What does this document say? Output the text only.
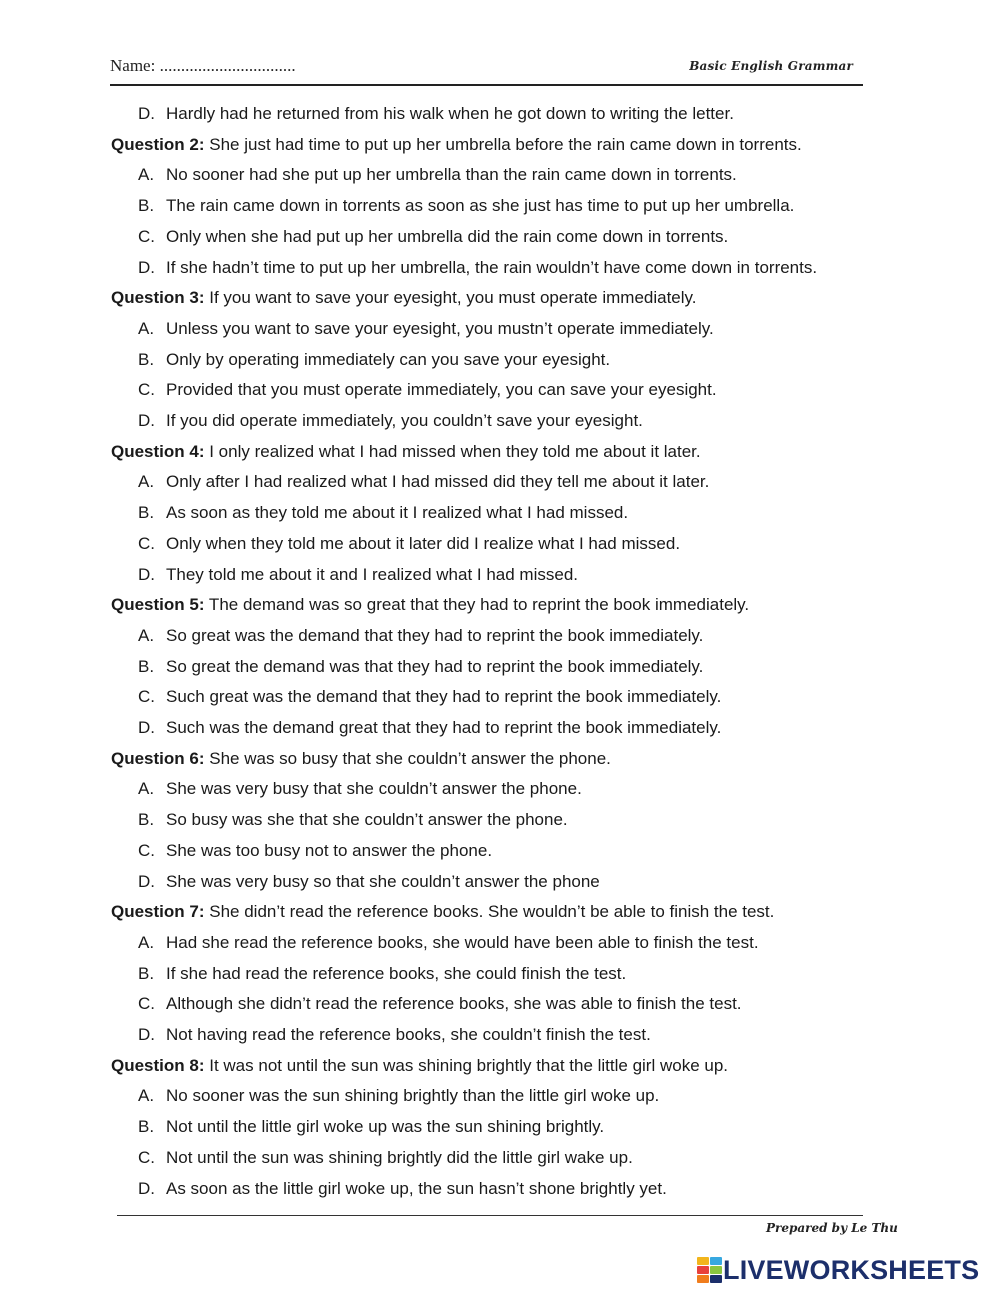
Name: ................................	Basic English Grammar
D. Hardly had he returned from his walk when he got down to writing the letter.
Question 2: She just had time to put up her umbrella before the rain came down in torrents.
A. No sooner had she put up her umbrella than the rain came down in torrents.
B. The rain came down in torrents as soon as she just has time to put up her umbrella.
C. Only when she had put up her umbrella did the rain come down in torrents.
D. If she hadn’t time to put up her umbrella, the rain wouldn’t have come down in torrents.
Question 3: If you want to save your eyesight, you must operate immediately.
A. Unless you want to save your eyesight, you mustn’t operate immediately.
B. Only by operating immediately can you save your eyesight.
C. Provided that you must operate immediately, you can save your eyesight.
D. If you did operate immediately, you couldn’t save your eyesight.
Question 4: I only realized what I had missed when they told me about it later.
A. Only after I had realized what I had missed did they tell me about it later.
B. As soon as they told me about it I realized what I had missed.
C. Only when they told me about it later did I realize what I had missed.
D. They told me about it and I realized what I had missed.
Question 5: The demand was so great that they had to reprint the book immediately.
A. So great was the demand that they had to reprint the book immediately.
B. So great the demand was that they had to reprint the book immediately.
C. Such great was the demand that they had to reprint the book immediately.
D. Such was the demand great that they had to reprint the book immediately.
Question 6: She was so busy that she couldn’t answer the phone.
A. She was very busy that she couldn’t answer the phone.
B. So busy was she that she couldn’t answer the phone.
C. She was too busy not to answer the phone.
D. She was very busy so that she couldn’t answer the phone
Question 7: She didn’t read the reference books. She wouldn’t be able to finish the test.
A. Had she read the reference books, she would have been able to finish the test.
B. If she had read the reference books, she could finish the test.
C. Although she didn’t read the reference books, she was able to finish the test.
D. Not having read the reference books, she couldn’t finish the test.
Question 8: It was not until the sun was shining brightly that the little girl woke up.
A. No sooner was the sun shining brightly than the little girl woke up.
B. Not until the little girl woke up was the sun shining brightly.
C. Not until the sun was shining brightly did the little girl wake up.
D. As soon as the little girl woke up, the sun hasn’t shone brightly yet.
Prepared by Le Thu
LIVEWORKSHEETS
